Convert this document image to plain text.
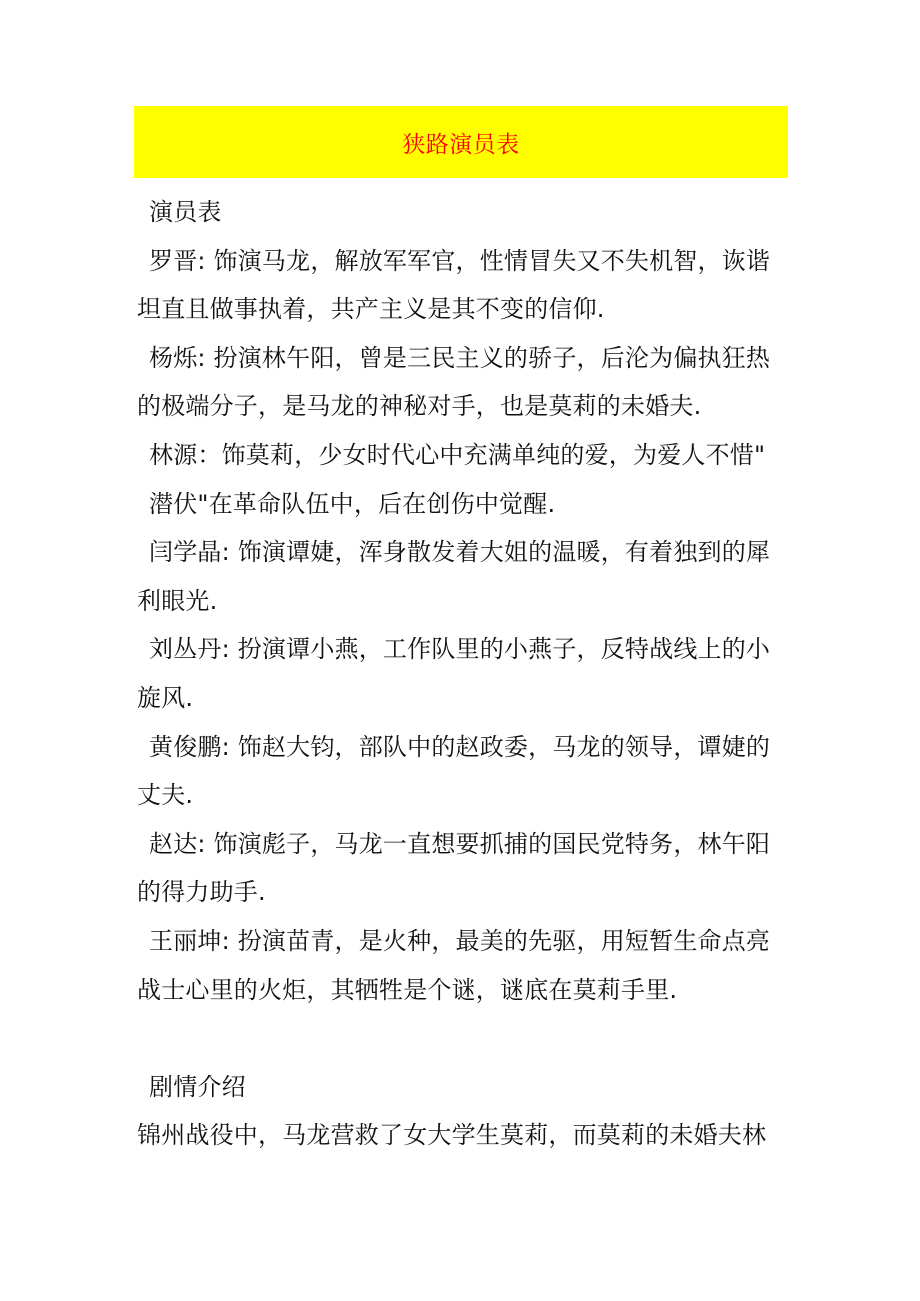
狭路演员表
演员表
罗晋: 饰演马龙，解放军军官，性情冒失又不失机智，诙谐
坦直且做事执着，共产主义是其不变的信仰.
杨烁: 扮演林午阳，曾是三民主义的骄子，后沦为偏执狂热
的极端分子，是马龙的神秘对手，也是莫莉的未婚夫.
林源：饰莫莉，少女时代心中充满单纯的爱，为爱人不惜"
潜伏"在革命队伍中，后在创伤中觉醒.
闫学晶: 饰演谭婕，浑身散发着大姐的温暖，有着独到的犀
利眼光.
刘丛丹: 扮演谭小燕，工作队里的小燕子，反特战线上的小
旋风.
黄俊鹏: 饰赵大钧，部队中的赵政委，马龙的领导，谭婕的
丈夫.
赵达: 饰演彪子，马龙一直想要抓捕的国民党特务，林午阳
的得力助手.
王丽坤: 扮演苗青，是火种，最美的先驱，用短暂生命点亮
战士心里的火炬，其牺牲是个谜，谜底在莫莉手里.
剧情介绍
锦州战役中，马龙营救了女大学生莫莉，而莫莉的未婚夫林
